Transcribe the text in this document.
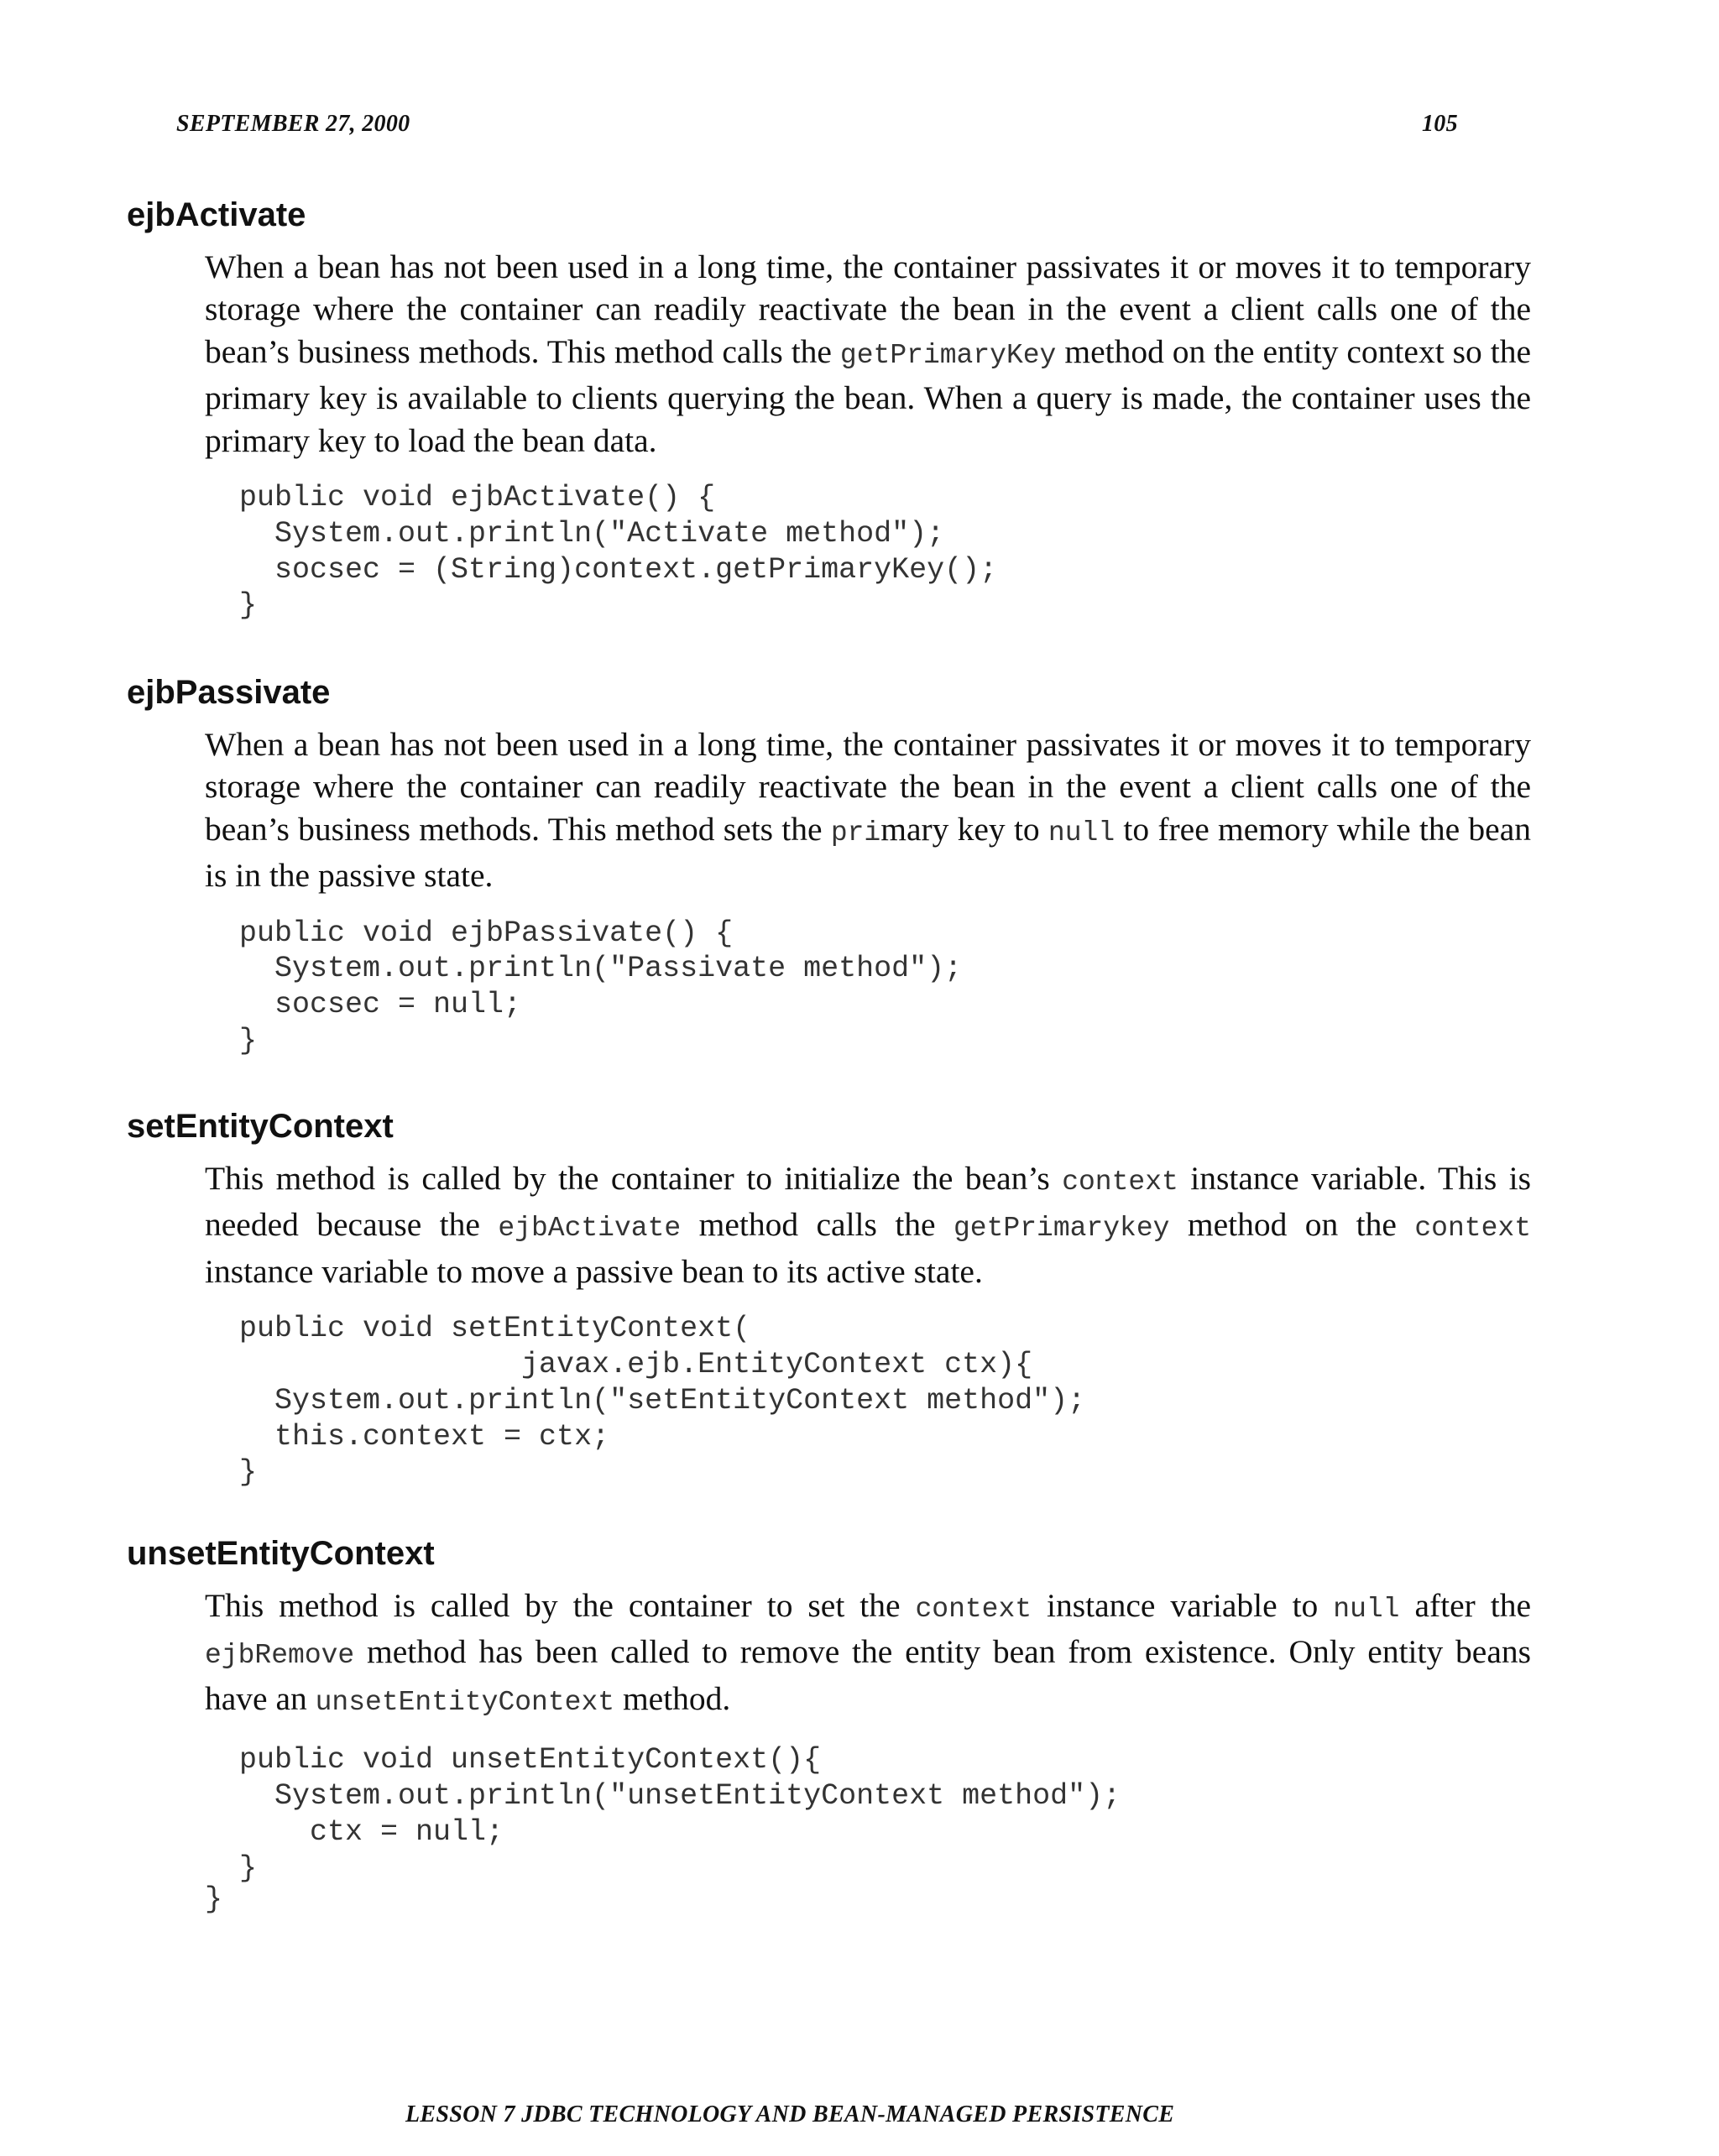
SEPTEMBER 27, 2000	105
ejbActivate

When a bean has not been used in a long time, the container passivates it or moves it to temporary storage where the container can readily reactivate the bean in the event a client calls one of the bean’s business methods. This method calls the getPrimaryKey method on the entity context so the primary key is available to clients querying the bean. When a query is made, the container uses the primary key to load the bean data.

public void ejbActivate() {
System.out.println("Activate method");
socsec = (String)context.getPrimaryKey();
}
ejbPassivate

When a bean has not been used in a long time, the container passivates it or moves it to temporary storage where the container can readily reactivate the bean in the event a client calls one of the bean’s business methods. This method sets the primary key to null to free memory while the bean is in the passive state.

public void ejbPassivate() {
System.out.println("Passivate method");
socsec = null;
}
setEntityContext

This method is called by the container to initialize the bean’s context instance variable. This is needed because the ejbActivate method calls the getPrimarykey method on the context instance variable to move a passive bean to its active state.

public void setEntityContext(
javax.ejb.EntityContext ctx){
System.out.println("setEntityContext method");
this.context = ctx;
}
unsetEntityContext

This method is called by the container to set the context instance variable to null after the ejbRemove method has been called to remove the entity bean from existence. Only entity beans have an unsetEntityContext method.

public void unsetEntityContext(){
System.out.println("unsetEntityContext method");
ctx = null;
}
}
LESSON 7 JDBC TECHNOLOGY AND BEAN-MANAGED PERSISTENCE
